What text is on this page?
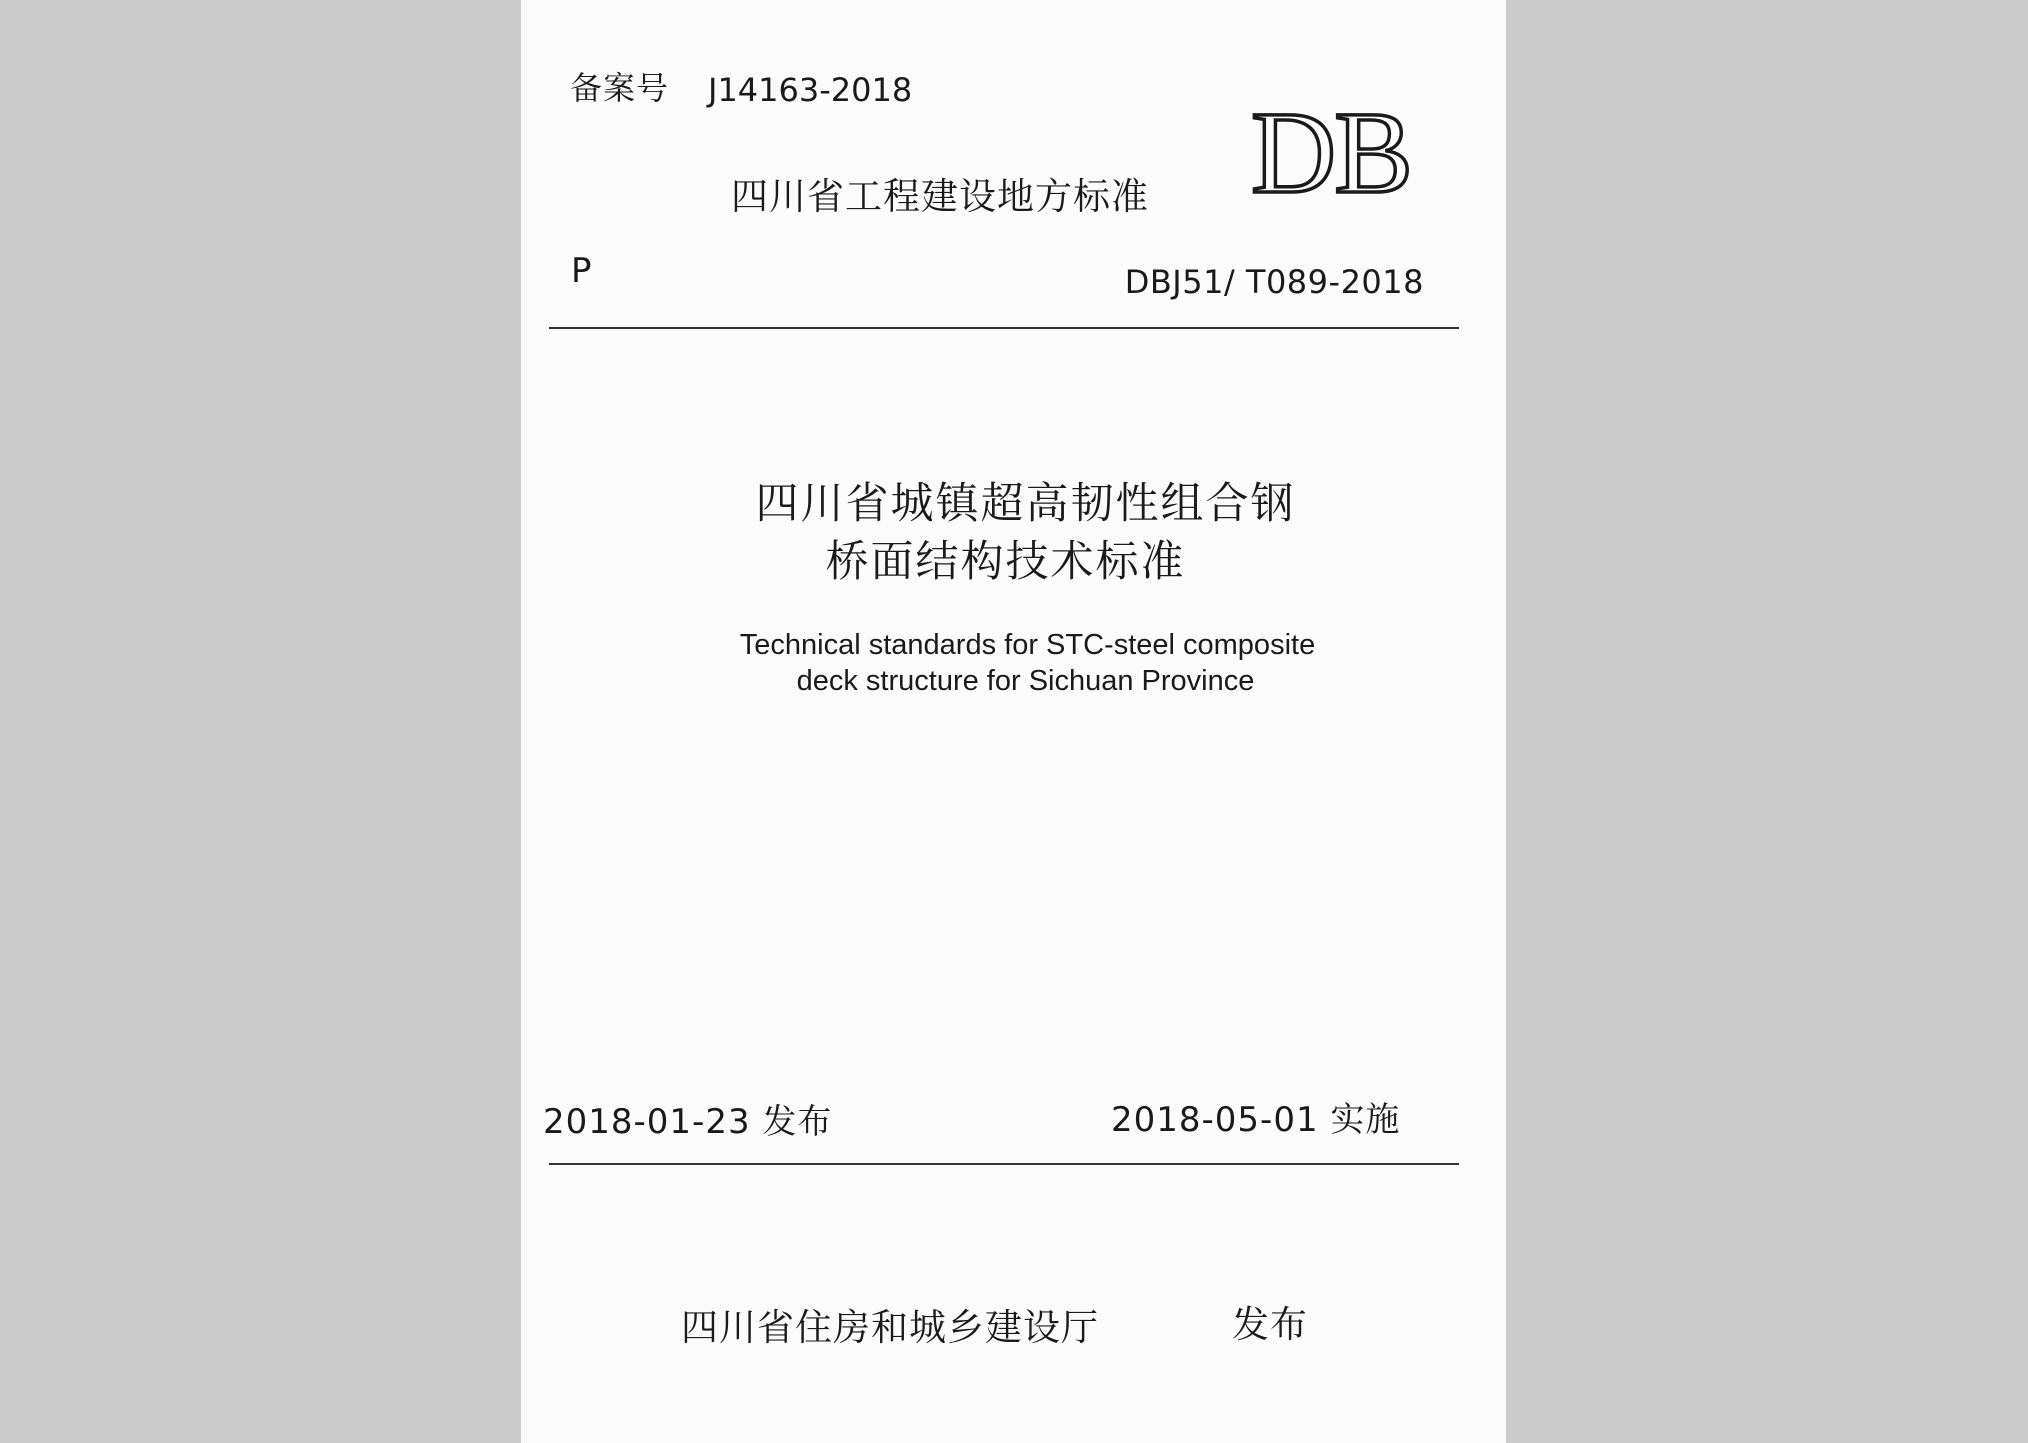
备案号 J14163-2018
四川省工程建设地方标准 DB
P	DBJ51/ T089-2018
四川省城镇超高韧性组合钢
桥面结构技术标准
Technical standards for STC-steel composite
deck structure for Sichuan Province
2018-01-23 发布	2018-05-01 实施
四川省住房和城乡建设厅	发布
